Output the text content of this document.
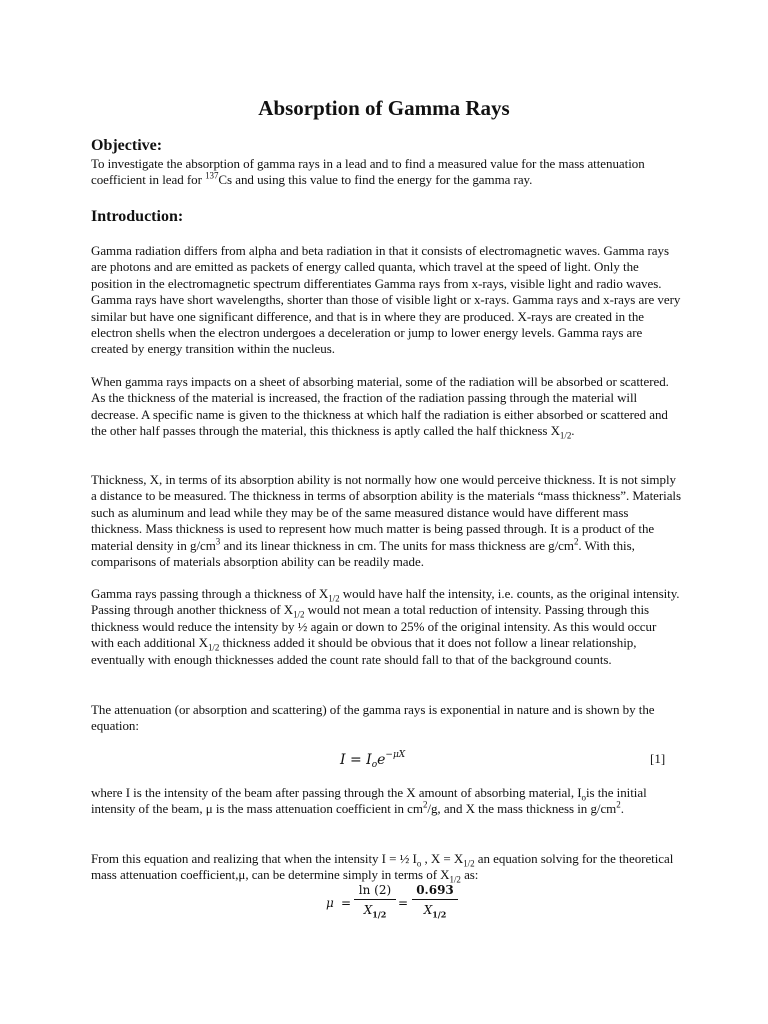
Absorption of Gamma Rays
Objective:

To investigate the absorption of gamma rays in a lead and to find a measured value for the mass attenuation coefficient in lead for $^{137}$Cs and using this value to find the energy for the gamma ray.

Introduction:

Gamma radiation differs from alpha and beta radiation in that it consists of electromagnetic waves. Gamma rays are photons and are emitted as packets of energy called quanta, which travel at the speed of light. Only the position in the electromagnetic spectrum differentiates Gamma rays from x-rays, visible light and radio waves. Gamma rays have short wavelengths, shorter than those of visible light or x-rays. Gamma rays and x-rays are very similar but have one significant difference, and that is in where they are produced. X-rays are created in the electron shells when the electron undergoes a deceleration or jump to lower energy levels. Gamma rays are created by energy transition within the nucleus.

When gamma rays impacts on a sheet of absorbing material, some of the radiation will be absorbed or scattered. As the thickness of the material is increased, the fraction of the radiation passing through the material will decrease. A specific name is given to the thickness at which half the radiation is either absorbed or scattered and the other half passes through the material, this thickness is aptly called the half thickness $X_{1/2}$.

Thickness, X, in terms of its absorption ability is not normally how one would perceive thickness. It is not simply a distance to be measured. The thickness in terms of absorption ability is the materials “mass thickness”. Materials such as aluminum and lead while they may be of the same measured distance would have different mass thickness. Mass thickness is used to represent how much matter is being passed through. It is a product of the material density in $g/cm^3$ and its linear thickness in cm. The units for mass thickness are $g/cm^2$. With this, comparisons of materials absorption ability can be readily made.

Gamma rays passing through a thickness of $X_{1/2}$ would have half the intensity, i.e. counts, as the original intensity. Passing through another thickness of $X_{1/2}$ would not mean a total reduction of intensity. Passing through this thickness would reduce the intensity by ½ again or down to 25% of the original intensity. As this would occur with each additional $X_{1/2}$ thickness added it should be obvious that it does not follow a linear relationship, eventually with enough thicknesses added the count rate should fall to that of the background counts.

The attenuation (or absorption and scattering) of the gamma rays is exponential in nature and is shown by the equation:

$I = I_oe^{-\mu X}$	[1]

where I is the intensity of the beam after passing through the X amount of absorbing material, $I_ois$ the initial intensity of the beam, μ is the mass attenuation coefficient in $cm^2/g$, and X the mass thickness in $g/cm^2$.

From this equation and realizing that when the intensity I = ½ $I_o$ , $X = X_{1/2}$ an equation solving for the theoretical mass attenuation coefficient,μ, can be determine simply in terms of $X_{1/2}$ as:

$\mu = \frac{\ln (2)}{X_{1/2}} = \frac{0.693}{X_{1/2}}$
